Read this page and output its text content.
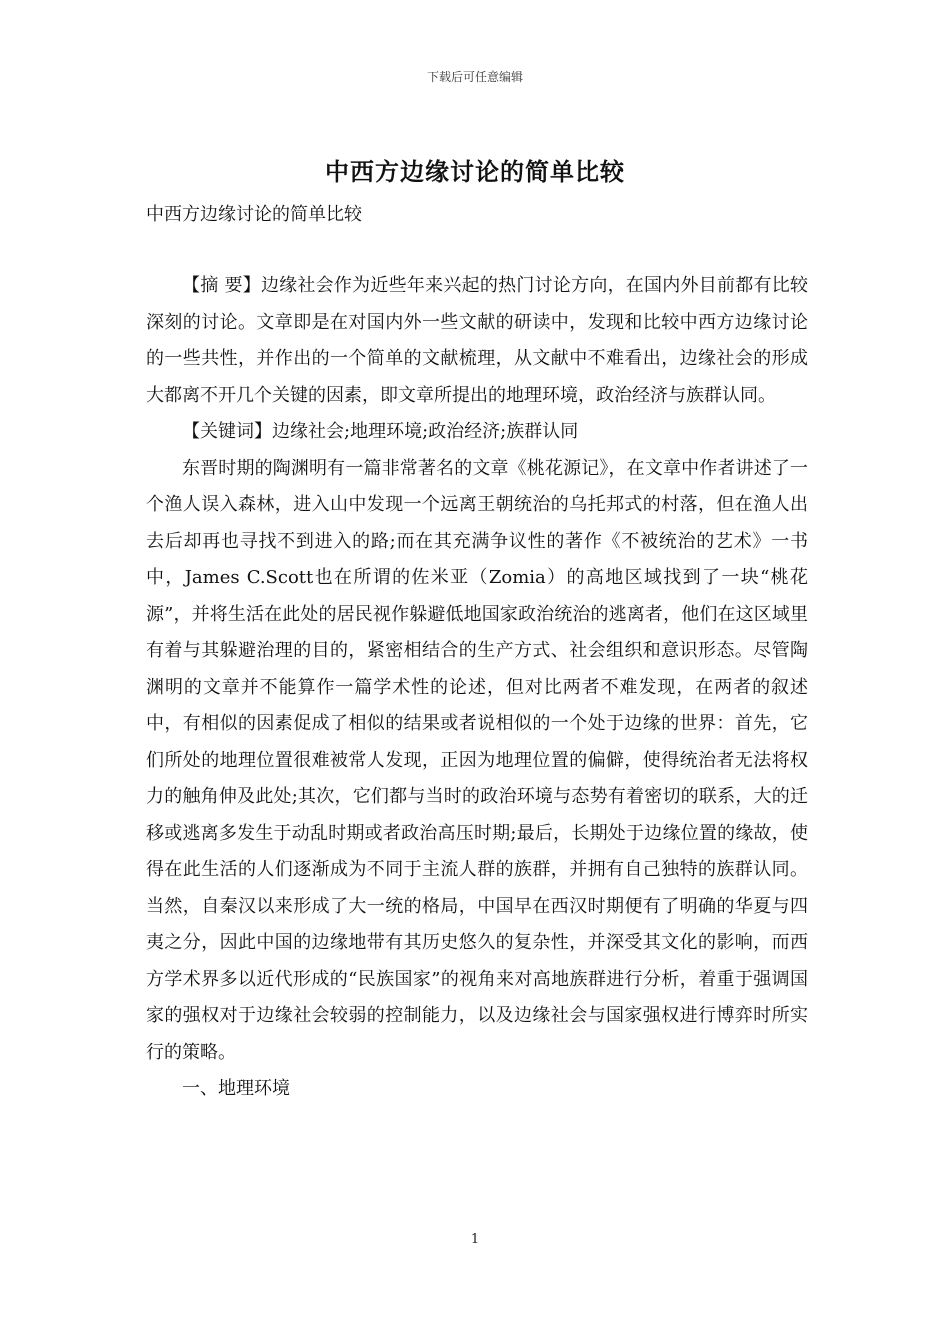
下载后可任意编辑
中西方边缘讨论的简单比较

中西方边缘讨论的简单比较

【摘 要】边缘社会作为近些年来兴起的热门讨论方向，在国内外目前都有比较深刻的讨论。文章即是在对国内外一些文献的研读中，发现和比较中西方边缘讨论的一些共性，并作出的一个简单的文献梳理，从文献中不难看出，边缘社会的形成大都离不开几个关键的因素，即文章所提出的地理环境，政治经济与族群认同。

【关键词】边缘社会;地理环境;政治经济;族群认同

东晋时期的陶渊明有一篇非常著名的文章《桃花源记》，在文章中作者讲述了一个渔人误入森林，进入山中发现一个远离王朝统治的乌托邦式的村落，但在渔人出去后却再也寻找不到进入的路;而在其充满争议性的著作《不被统治的艺术》一书中，James C.Scott也在所谓的佐米亚（Zomia）的高地区域找到了一块“桃花源”，并将生活在此处的居民视作躲避低地国家政治统治的逃离者，他们在这区域里有着与其躲避治理的目的，紧密相结合的生产方式、社会组织和意识形态。尽管陶渊明的文章并不能算作一篇学术性的论述，但对比两者不难发现，在两者的叙述中，有相似的因素促成了相似的结果或者说相似的一个处于边缘的世界：首先，它们所处的地理位置很难被常人发现，正因为地理位置的偏僻，使得统治者无法将权力的触角伸及此处;其次，它们都与当时的政治环境与态势有着密切的联系，大的迁移或逃离多发生于动乱时期或者政治高压时期;最后，长期处于边缘位置的缘故，使得在此生活的人们逐渐成为不同于主流人群的族群，并拥有自己独特的族群认同。当然，自秦汉以来形成了大一统的格局，中国早在西汉时期便有了明确的华夏与四夷之分，因此中国的边缘地带有其历史悠久的复杂性，并深受其文化的影响，而西方学术界多以近代形成的“民族国家”的视角来对高地族群进行分析，着重于强调国家的强权对于边缘社会较弱的控制能力，以及边缘社会与国家强权进行博弈时所实行的策略。

一、地理环境

1
